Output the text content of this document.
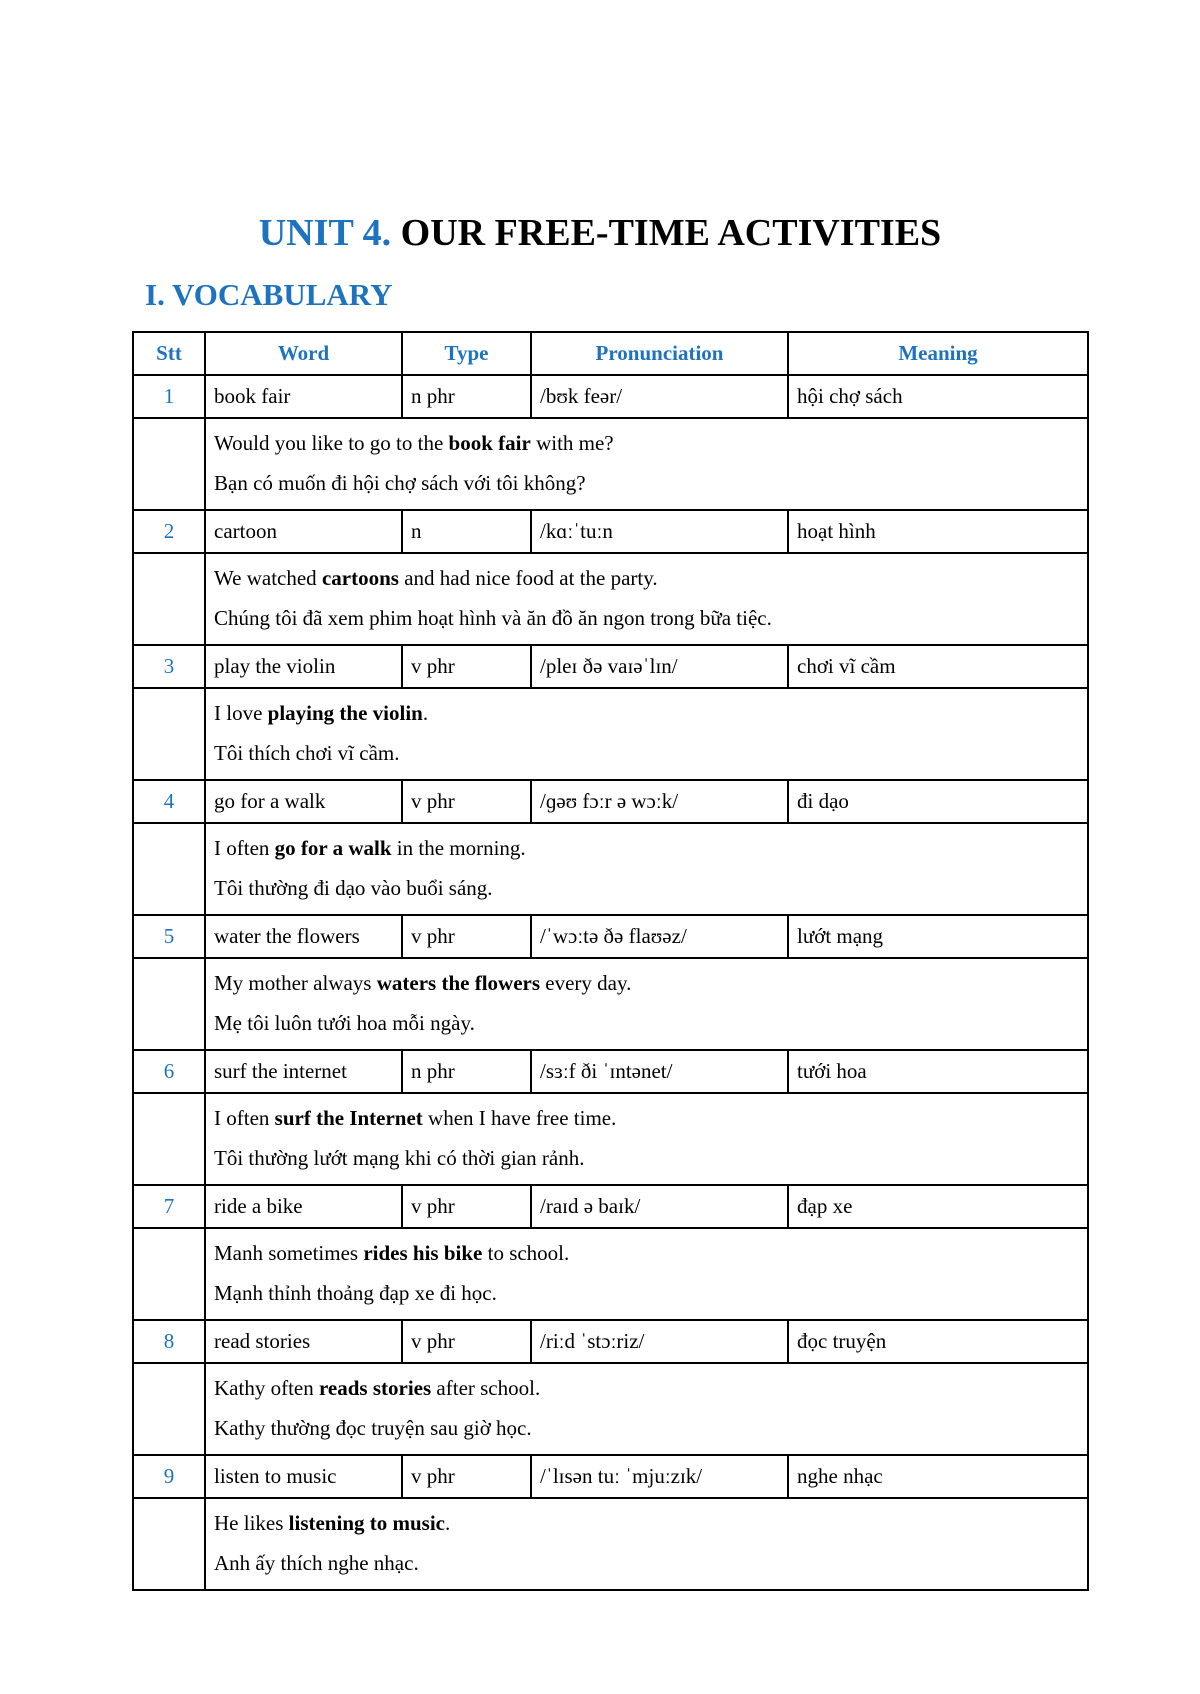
UNIT 4. OUR FREE-TIME ACTIVITIES
I. VOCABULARY
Stt	Word	Type	Pronunciation	Meaning
1	book fair	n phr	/bʊk feər/	hội chợ sách

	Would you like to go to the book fair with me?
Bạn có muốn đi hội chợ sách với tôi không?			

2	cartoon	n	/kɑːˈtuːn	hoạt hình

	We watched cartoons and had nice food at the party.
Chúng tôi đã xem phim hoạt hình và ăn đồ ăn ngon trong bữa tiệc.			

3	play the violin	v phr	/pleɪ ðə vaɪəˈlɪn/	chơi vĩ cầm

	I love playing the violin.
Tôi thích chơi vĩ cầm.			

4	go for a walk	v phr	/ɡəʊ fɔːr ə wɔːk/	đi dạo

	I often go for a walk in the morning.
Tôi thường đi dạo vào buổi sáng.			

5	water the flowers	v phr	/ˈwɔːtə ðə flaʊəz/	lướt mạng

	My mother always waters the flowers every day.
Mẹ tôi luôn tưới hoa mỗi ngày.			

6	surf the internet	n phr	/sɜːf ði ˈɪntənet/	tưới hoa

	I often surf the Internet when I have free time.
Tôi thường lướt mạng khi có thời gian rảnh.			

7	ride a bike	v phr	/raɪd ə baɪk/	đạp xe

	Manh sometimes rides his bike to school.
Mạnh thỉnh thoảng đạp xe đi học.			

8	read stories	v phr	/riːd ˈstɔːriz/	đọc truyện

	Kathy often reads stories after school.
Kathy thường đọc truyện sau giờ học.			

9	listen to music	v phr	/ˈlɪsən tuː ˈmjuːzɪk/	nghe nhạc

	He likes listening to music.
Anh ấy thích nghe nhạc.			
